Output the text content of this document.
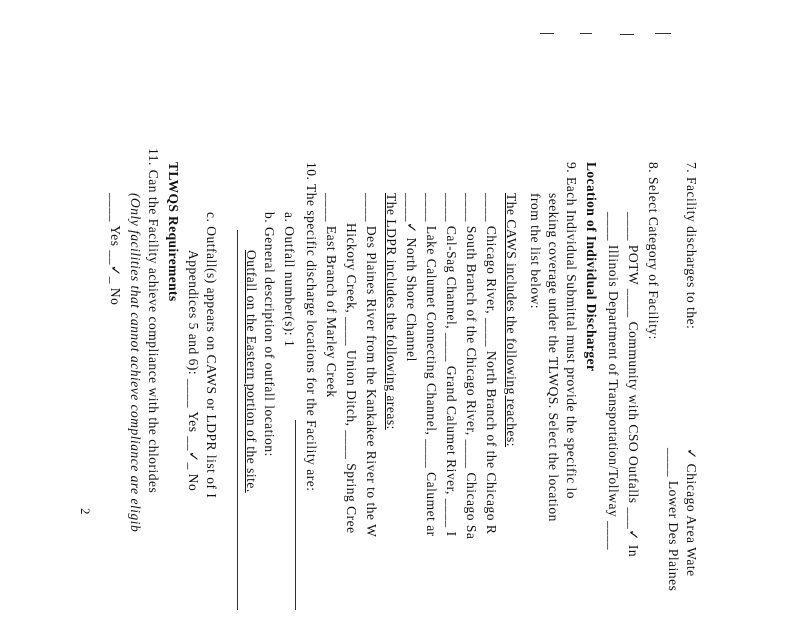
2
7. Facility discharges to the:
✓ Chicago Area Wate
____ Lower Des Plaines
8. Select Category of Facility:
____ POTW ____ Community with CSO Outfalls ___✓ In
____ Illinois Department of Transportation/Tollway ____
Location of Individual Discharger
9. Each Individual Submittal must provide the specific lo
seeking coverage under the TLWQS. Select the location
from the list below:
The CAWS includes the following reaches:
____ Chicago River, ____ North Branch of the Chicago R
____ South Branch of the Chicago River, ____ Chicago Sa
____ Cal-Sag Channel, ____ Grand Calumet River, ____ I
____ Lake Calumet Connecting Channel, ____ Calumet ar
____✓ North Shore Channel
The LDPR includes the following areas:
____ Des Plaines River from the Kankakee River to the W
Hickory Creek, ____ Union Ditch, ____ Spring Cree
____ East Branch of Marley Creek
10. The specific discharge locations for the Facility are:
a. Outfall number(s): 1
b. General description of outfall location:
Outfall on the Eastern portion of the site.
c. Outfall(s) appears on CAWS or LDPR list of I
Appendices 5 and 6): ____ Yes __✓_ No
TLWQS Requirements
11. Can the Facility achieve compliance with the chlorides
(Only facilities that cannot achieve compliance are eligib
____ Yes __✓_ No
